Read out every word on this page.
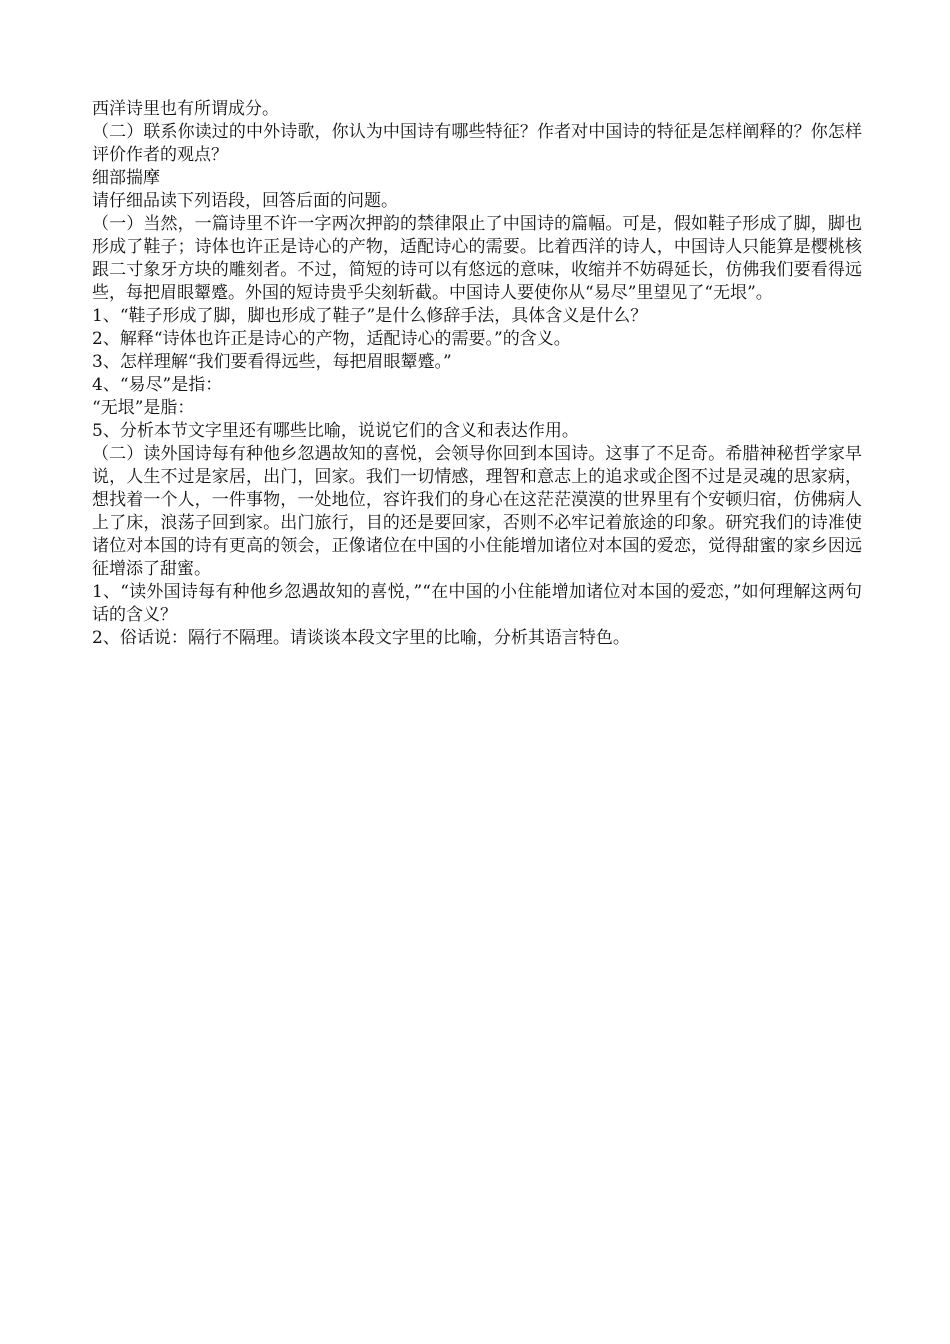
西洋诗里也有所谓成分。

（二）联系你读过的中外诗歌，你认为中国诗有哪些特征？作者对中国诗的特征是怎样阐释的？你怎样评价作者的观点？

细部揣摩

请仔细品读下列语段，回答后面的问题。

（一）当然，一篇诗里不许一字两次押韵的禁律限止了中国诗的篇幅。可是，假如鞋子形成了脚，脚也形成了鞋子；诗体也许正是诗心的产物，适配诗心的需要。比着西洋的诗人，中国诗人只能算是樱桃核跟二寸象牙方块的雕刻者。不过，简短的诗可以有悠远的意味，收缩并不妨碍延长，仿佛我们要看得远些，每把眉眼颦蹙。外国的短诗贵乎尖刻斩截。中国诗人要使你从“易尽”里望见了“无垠”。

1、“鞋子形成了脚，脚也形成了鞋子”是什么修辞手法，具体含义是什么？

2、解释“诗体也许正是诗心的产物，适配诗心的需要。”的含义。

3、怎样理解“我们要看得远些，每把眉眼颦蹙。”

4、“易尽”是指：

“无垠”是脂：

5、分析本节文字里还有哪些比喻，说说它们的含义和表达作用。

（二）读外国诗每有种他乡忽遇故知的喜悦，会领导你回到本国诗。这事了不足奇。希腊神秘哲学家早说，人生不过是家居，出门，回家。我们一切情感，理智和意志上的追求或企图不过是灵魂的思家病，想找着一个人，一件事物，一处地位，容许我们的身心在这茫茫漠漠的世界里有个安顿归宿，仿佛病人上了床，浪荡子回到家。出门旅行，目的还是要回家，否则不必牢记着旅途的印象。研究我们的诗准使诸位对本国的诗有更高的领会，正像诸位在中国的小住能增加诸位对本国的爱恋，觉得甜蜜的家乡因远征增添了甜蜜。

1、“读外国诗每有种他乡忽遇故知的喜悦，”“在中国的小住能增加诸位对本国的爱恋，”如何理解这两句话的含义？

2、俗话说：隔行不隔理。请谈谈本段文字里的比喻，分析其语言特色。
